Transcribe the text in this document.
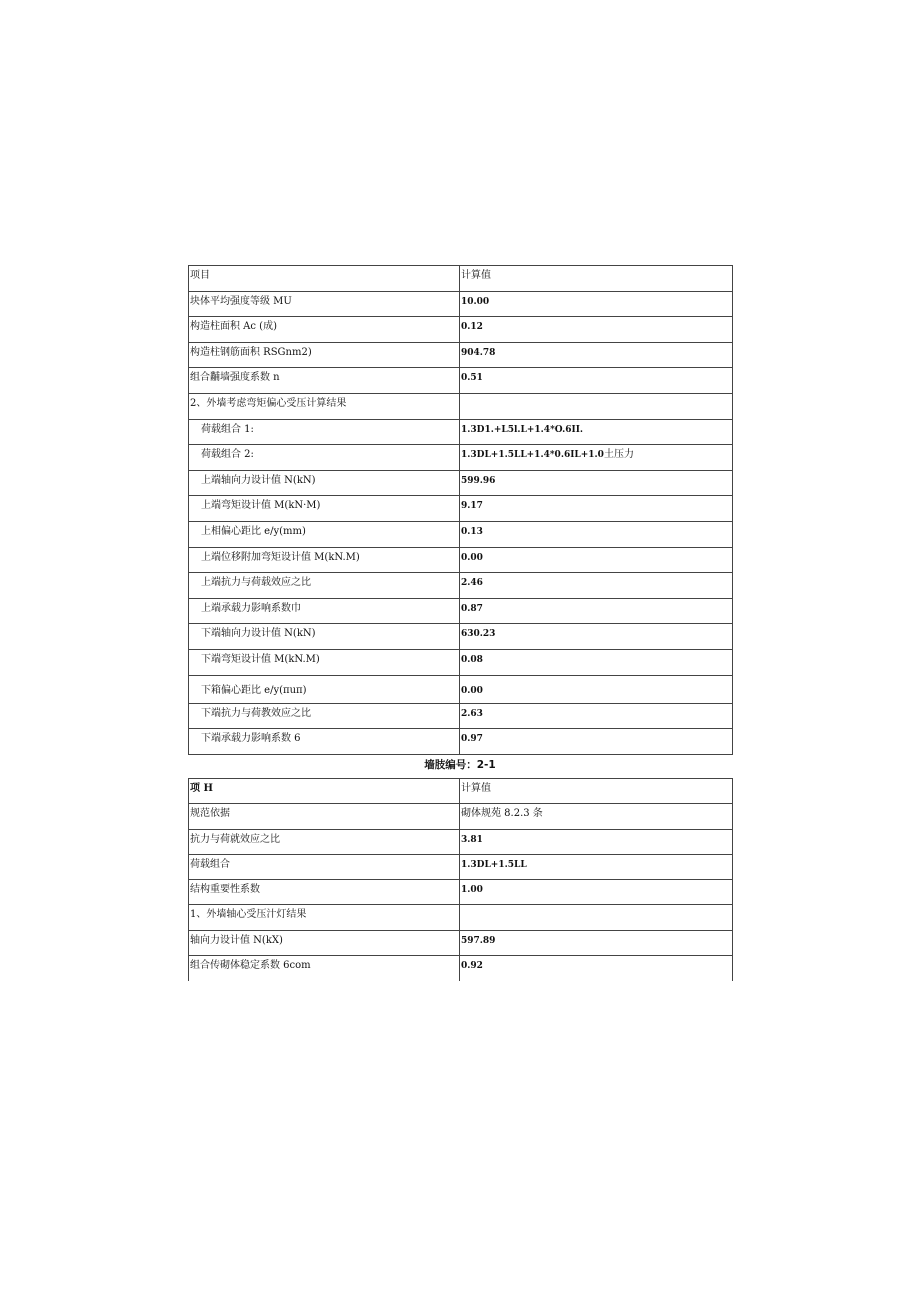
项目	计算值
块体平均强度等级 MU	10.00
构造柱面积 Ac (成)	0.12
构造柱钢筋面积 RSGnm2)	904.78
组合黼墙强度系数 n	0.51
2、外墙考虑弯矩偏心受压计算结果	
荷载组合 1:	1.3D1.+L5l.L+1.4*O.6II.
荷载组合 2:	1.3DL+1.5LL+1.4*0.6IL+1.0土压力
上端轴向力设计值 N(kN)	599.96
上端弯矩设计值 M(kN·M)	9.17
上相偏心距比 e/y(mm)	0.13
上端位移附加弯矩设计值 M(kN.M)	0.00
上端抗力与荷载效应之比	2.46
上端承载力影响系数巾	0.87
下端轴向力设计值 N(kN)	630.23
下端弯矩设计值 M(kN.M)	0.08
下箱偏心距比 e/y(πuπ)	0.00
下端抗力与荷教效应之比	2.63
下端承载力影响系数 6	0.97
墙肢编号：2-1
项 H	计算值
规范依据	砌体规苑 8.2.3 条
抗力与荷就效应之比	3.81
荷载组合	1.3DL+1.5LL
结构重要性系数	1.00
1、外墙轴心受压汁灯结果	
轴向力设计值 N(kX)	597.89
组合传砌体稳定系数 6com	0.92
